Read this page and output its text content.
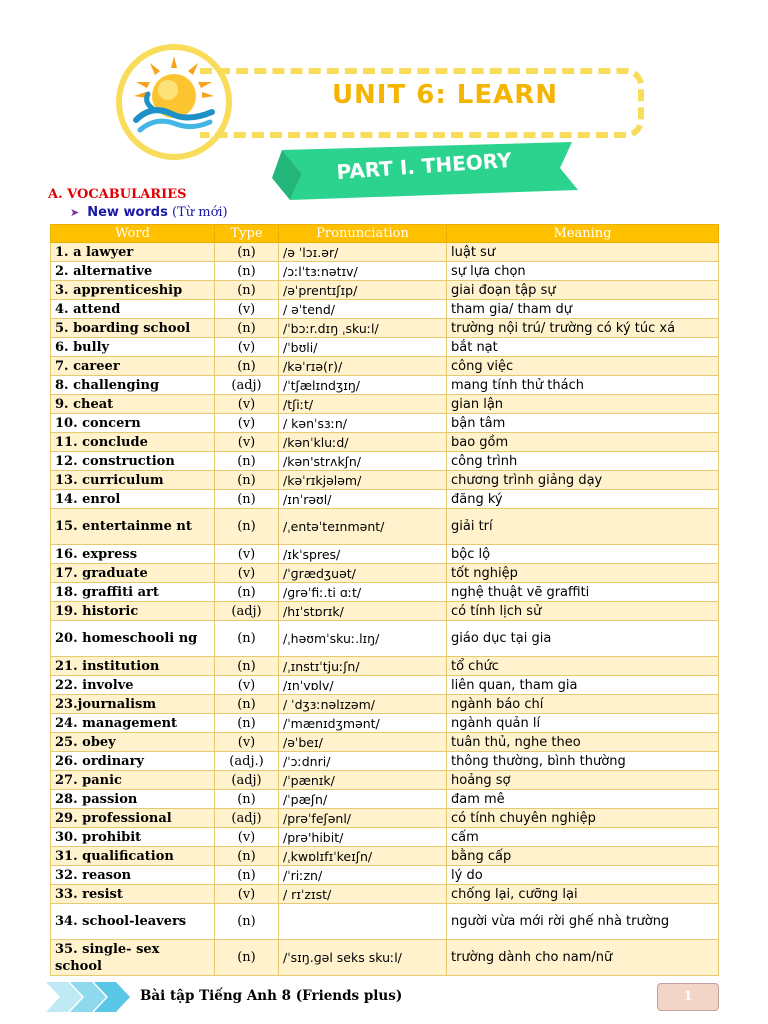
UNIT 6: LEARN
PART I. THEORY
A. VOCABULARIES
➤ New words (Từ mới)
Word	Type	Pronunciation	Meaning
1. a lawyer	(n)	/ə ˈlɔɪ.ər/	luật sư
2. alternative	(n)	/ɔːlˈtɜːnətɪv/	sự lựa chọn
3. apprenticeship	(n)	/əˈprentɪʃɪp/	giai đoạn tập sự
4. attend	(v)	/ əˈtend/	tham gia/ tham dự
5. boarding school	(n)	/ˈbɔːr.dɪŋ ˌskuːl/	trường nội trú/ trường có ký túc xá
6. bully	(v)	/ˈbʊli/	bắt nạt
7. career	(n)	/kəˈrɪə(r)/	công việc
8. challenging	(adj)	/ˈtʃælɪndʒɪŋ/	mang tính thử thách
9. cheat	(v)	/tʃiːt/	gian lận
10. concern	(v)	/ kənˈsɜːn/	bận tâm
11. conclude	(v)	/kənˈkluːd/	bao gồm
12. construction	(n)	/kən'strʌkʃn/	công trình
13. curriculum	(n)	/kəˈrɪkjələm/	chương trình giảng dạy
14. enrol	(n)	/ɪnˈrəʊl/	đăng ký
15. entertainme nt	(n)	/ˌentəˈteɪnmənt/	giải trí
16. express	(v)	/ɪkˈspres/	bộc lộ
17. graduate	(v)	/ˈɡrædʒuət/	tốt nghiệp
18. graffiti art	(n)	/ɡrəˈfiː.ti ɑːt/	nghệ thuật vẽ graffiti
19. historic	(adj)	/hɪˈstɒrɪk/	có tính lịch sử
20. homeschooli ng	(n)	/ˌhəʊmˈskuː.lɪŋ/	giáo dục tại gia
21. institution	(n)	/ˌɪnstɪˈtjuːʃn/	tổ chức
22. involve	(v)	/ɪnˈvɒlv/	liên quan, tham gia
23.journalism	(n)	/ ˈdʒɜːnəlɪzəm/	ngành báo chí
24. management	(n)	/ˈmænɪdʒmənt/	ngành quản lí
25. obey	(v)	/əˈbeɪ/	tuân thủ, nghe theo
26. ordinary	(adj.)	/ˈɔːdnri/	thông thường, bình thường
27. panic	(adj)	/ˈpænɪk/	hoảng sợ
28. passion	(n)	/ˈpæʃn/	đam mê
29. professional	(adj)	/prəˈfeʃənl/	có tính chuyên nghiệp
30. prohibit	(v)	/prə'hibit/	cấm
31. qualification	(n)	/ˌkwɒlɪfɪˈkeɪʃn/	bằng cấp
32. reason	(n)	/ˈriːzn/	lý do
33. resist	(v)	/ rɪˈzɪst/	chống lại, cưỡng lại
34. school-leavers	(n)		người vừa mới rời ghế nhà trường
35. single- sex school	(n)	/ˈsɪŋ.ɡəl seks skuːl/	trường dành cho nam/nữ
Bài tập Tiếng Anh 8 (Friends plus)	1
